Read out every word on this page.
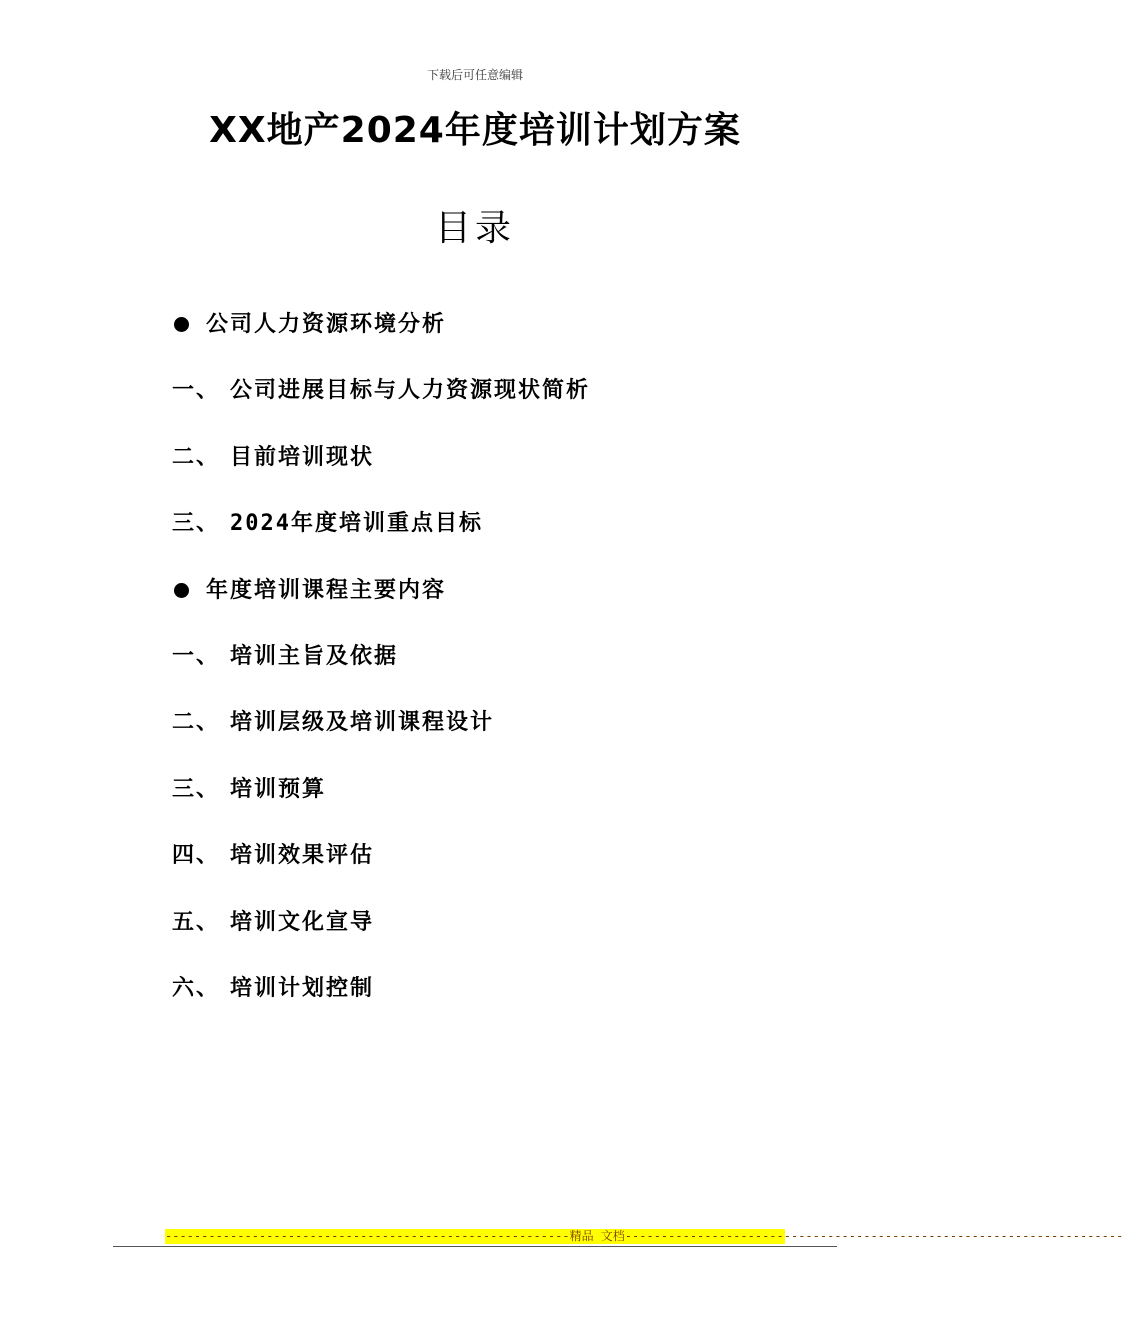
下载后可任意编辑
XX地产2024年度培训计划方案
目录
公司人力资源环境分析
一、 公司进展目标与人力资源现状简析
二、 目前培训现状
三、 2024年度培训重点目标
年度培训课程主要内容
一、 培训主旨及依据
二、 培训层级及培训课程设计
三、 培训预算
四、 培训效果评估
五、 培训文化宣导
六、 培训计划控制
--------------------------------------------------------精品 文档---------------------------------------------------------------------
